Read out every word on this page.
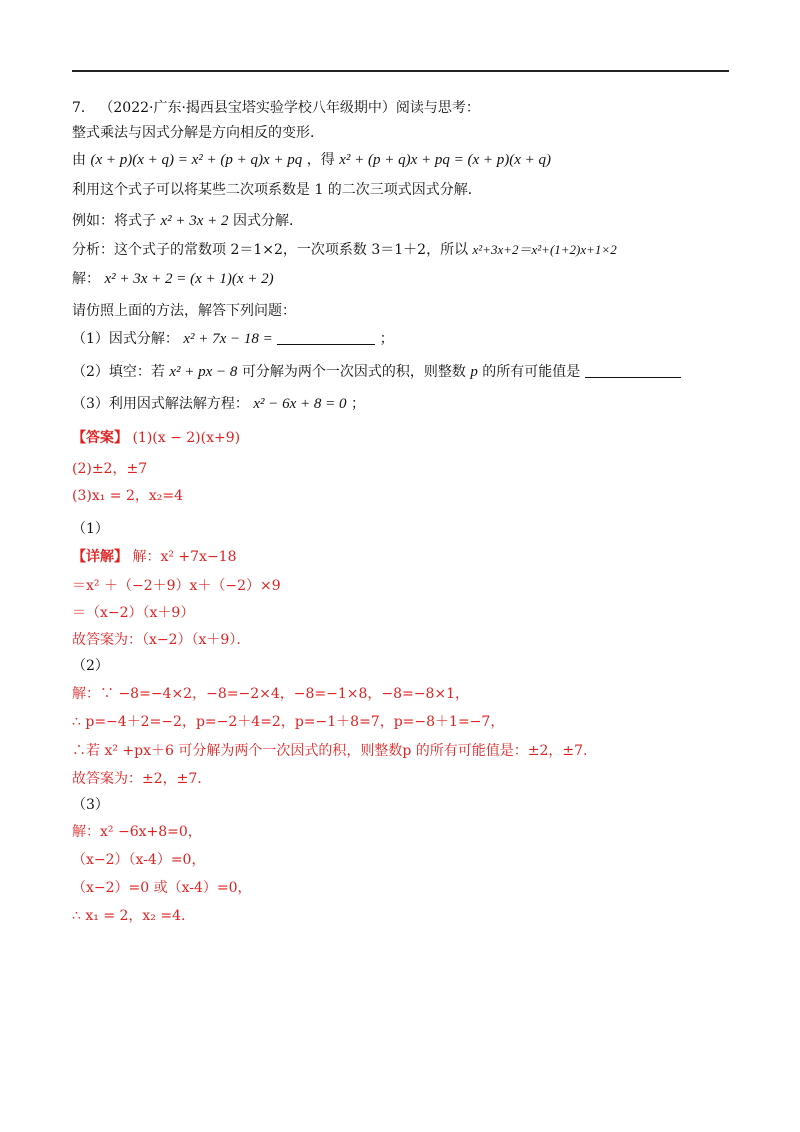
7． （2022·广东·揭西县宝塔实验学校八年级期中）阅读与思考：
整式乘法与因式分解是方向相反的变形．
由 (x + p)(x + q) = x² + (p + q)x + pq ，得 x² + (p + q)x + pq = (x + p)(x + q)
利用这个式子可以将某些二次项系数是 1 的二次三项式因式分解．
例如：将式子 x² + 3x + 2 因式分解．
分析：这个式子的常数项 2＝1×2，一次项系数 3＝1＋2，所以 x²+3x+2＝x²+(1+2)x+1×2
解： x² + 3x + 2 = (x + 1)(x + 2)
请仿照上面的方法，解答下列问题：
（1）因式分解： x² + 7x − 18 =	；
（2）填空：若 x² + px − 8 可分解为两个一次因式的积，则整数 p 的所有可能值是
（3）利用因式解法解方程： x² − 6x + 8 = 0 ；
【答案】 (1)(x − 2)(x+9)
(2)±2，±7
(3)x₁ = 2，x₂=4
（1）
【详解】 解：x² +7x−18
＝x² ＋（−2＋9）x＋（−2）×9
＝（x−2）（x＋9）
故答案为：（x−2）（x＋9）．
（2）
解：∵ −8=−4×2，−8=−2×4，−8=−1×8，−8=−8×1，
∴ p=−4＋2=−2，p=−2＋4=2，p=−1＋8=7，p=−8＋1=−7，
∴若 x² +px＋6 可分解为两个一次因式的积，则整数p 的所有可能值是：±2，±7.
故答案为：±2，±7.
（3）
解：x² −6x+8=0，
（x−2）（x-4）=0，
（x−2）=0 或（x-4）=0，
∴ x₁ = 2，x₂ =4.
